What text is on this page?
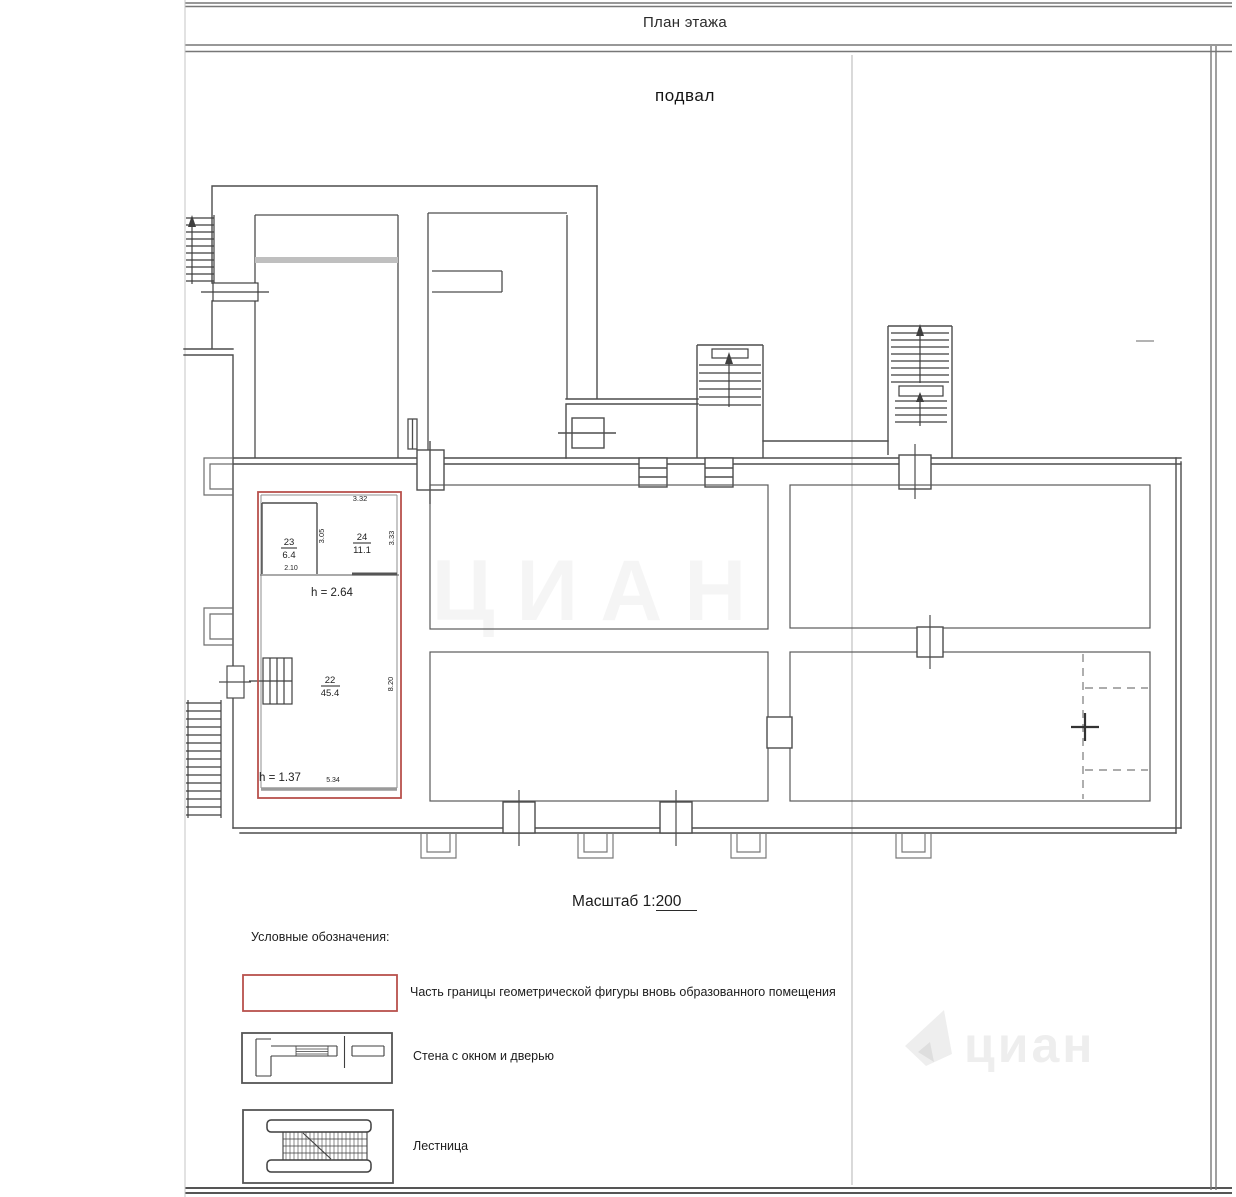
ЦИАН
23
6.4
24
11.1
22
45.4
3.32
3.33
3.05
2.10
5.34
8.20
h = 2.64
h = 1.37
циан
План этажа
подвал
Масштаб 1:200
Условные обозначения:
Часть границы геометрической фигуры вновь образованного помещения
Стена с окном и дверью
Лестница
